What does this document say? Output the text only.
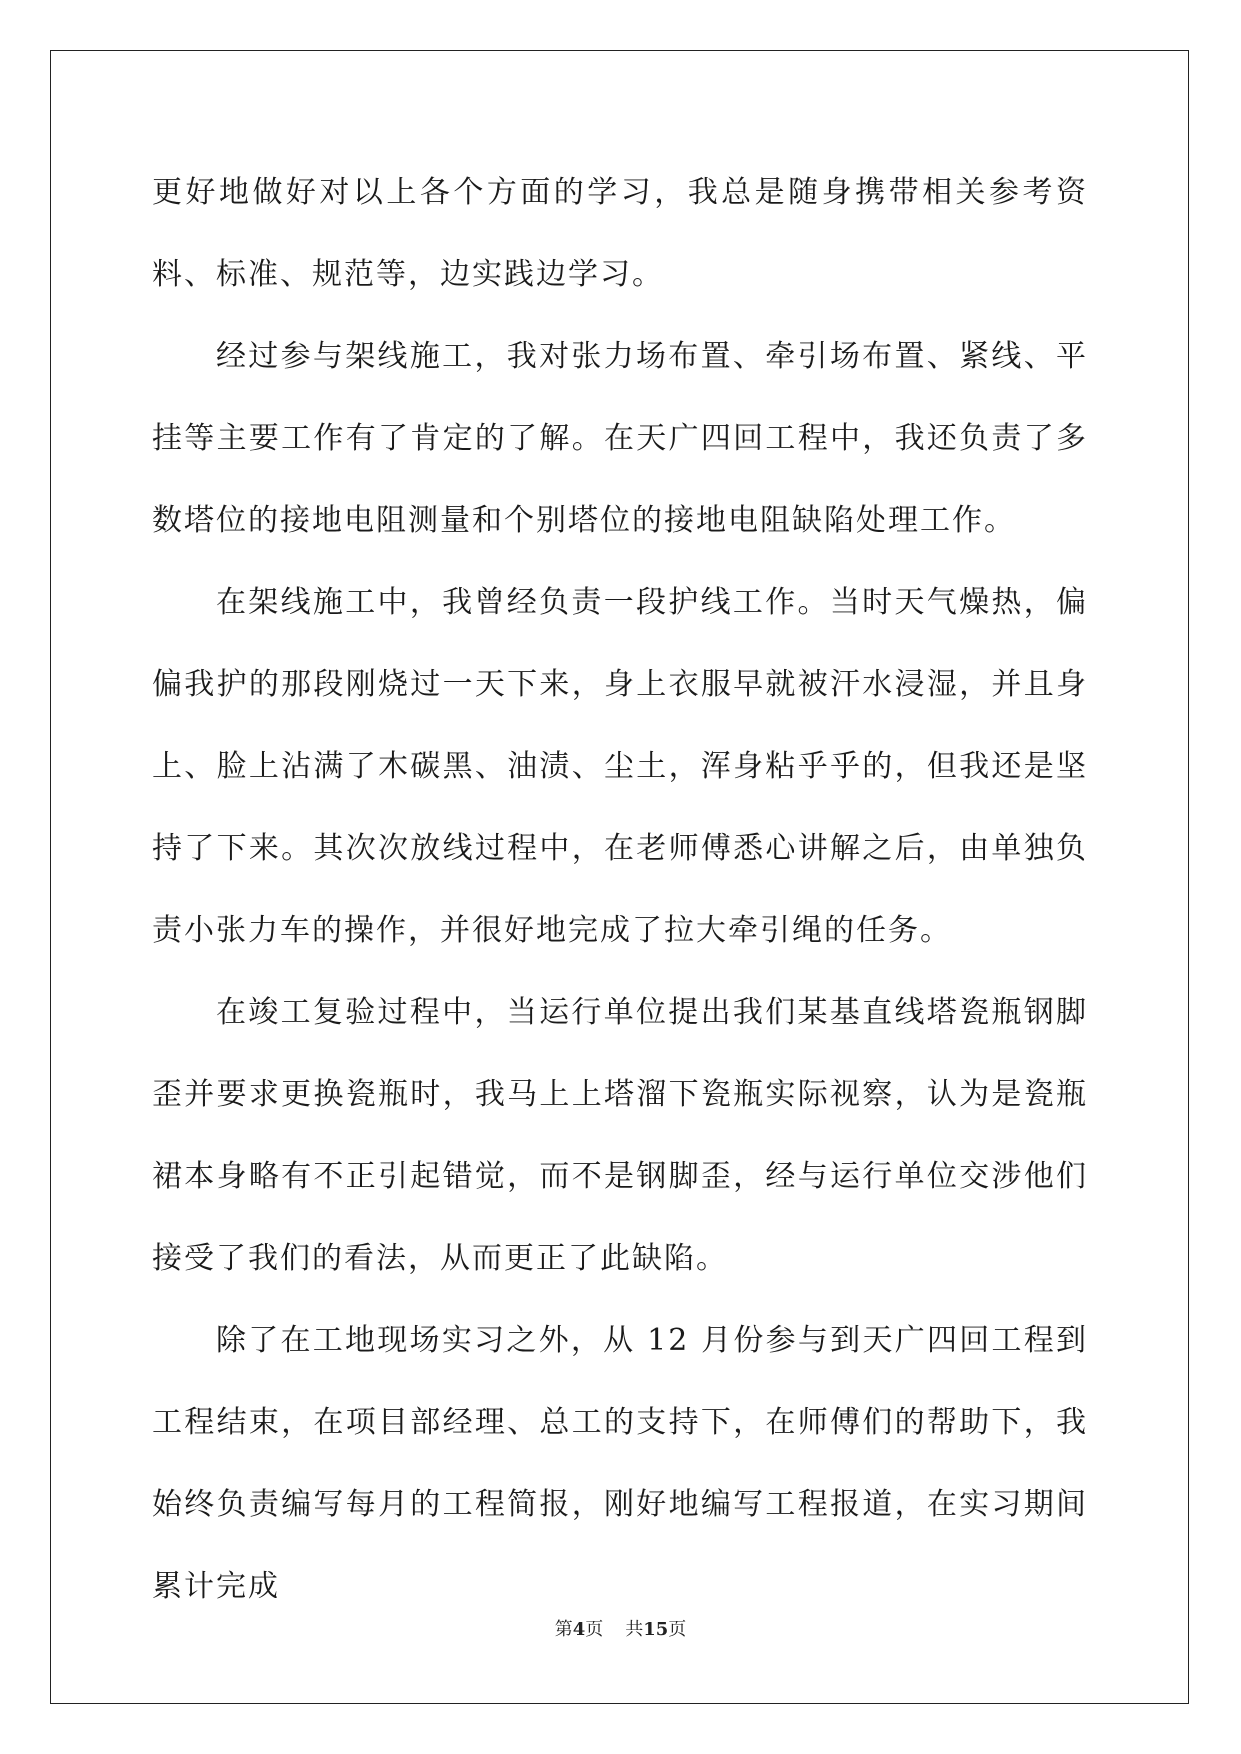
更好地做好对以上各个方面的学习，我总是随身携带相关参考资料、标准、规范等，边实践边学习。

经过参与架线施工，我对张力场布置、牵引场布置、紧线、平挂等主要工作有了肯定的了解。在天广四回工程中，我还负责了多数塔位的接地电阻测量和个别塔位的接地电阻缺陷处理工作。

在架线施工中，我曾经负责一段护线工作。当时天气燥热，偏偏我护的那段刚烧过一天下来，身上衣服早就被汗水浸湿，并且身上、脸上沾满了木碳黑、油渍、尘土，浑身粘乎乎的，但我还是坚持了下来。其次次放线过程中，在老师傅悉心讲解之后，由单独负责小张力车的操作，并很好地完成了拉大牵引绳的任务。

在竣工复验过程中，当运行单位提出我们某基直线塔瓷瓶钢脚歪并要求更换瓷瓶时，我马上上塔溜下瓷瓶实际视察，认为是瓷瓶裙本身略有不正引起错觉，而不是钢脚歪，经与运行单位交涉他们接受了我们的看法，从而更正了此缺陷。

除了在工地现场实习之外，从 12 月份参与到天广四回工程到工程结束，在项目部经理、总工的支持下，在师傅们的帮助下，我始终负责编写每月的工程简报，刚好地编写工程报道，在实习期间累计完成

第4页 共15页
